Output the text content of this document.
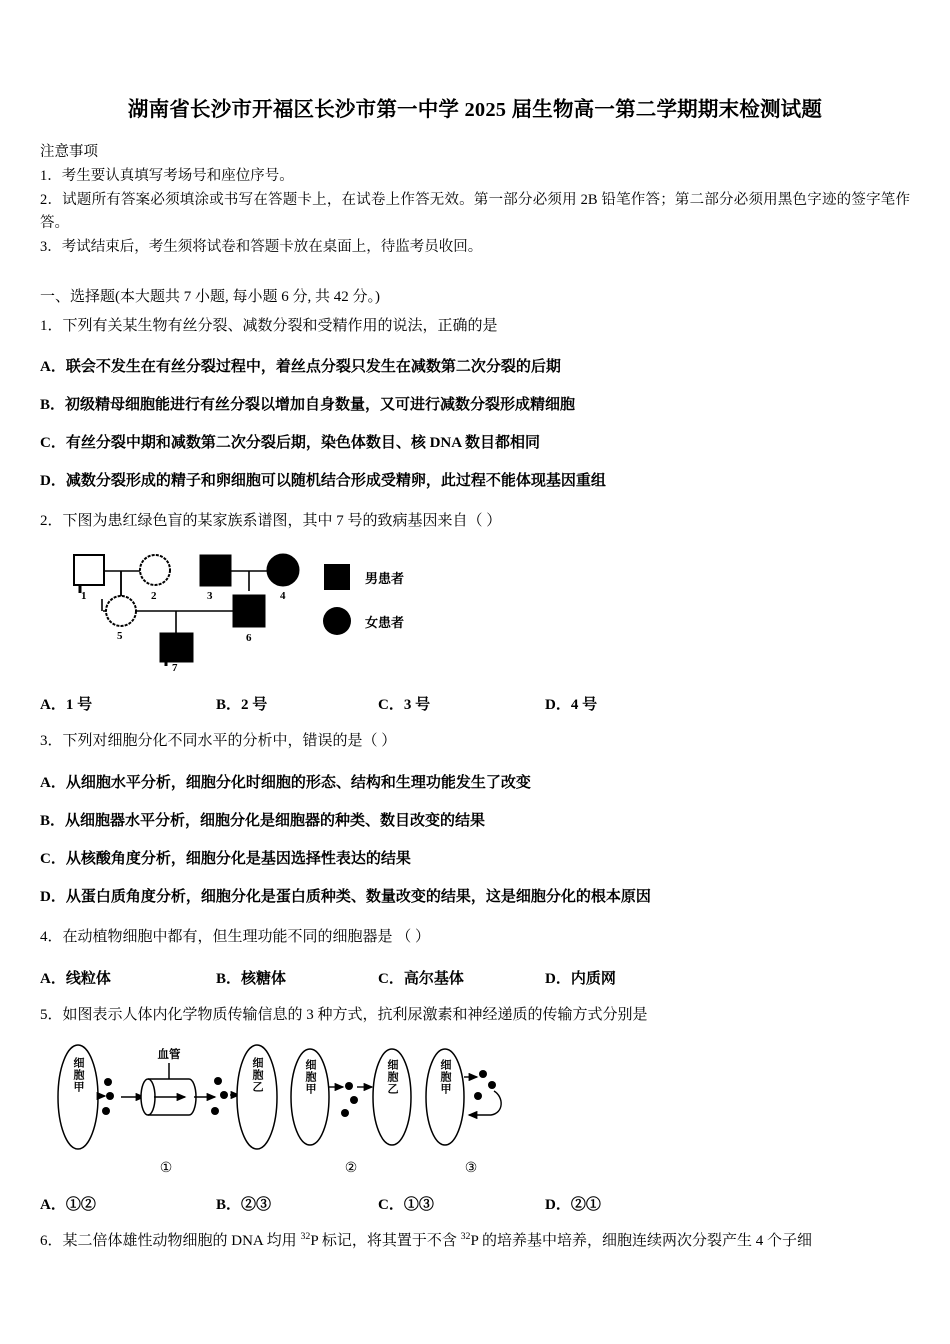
湖南省长沙市开福区长沙市第一中学 2025 届生物高一第二学期期末检测试题

注意事项

1．考生要认真填写考场号和座位序号。

2．试题所有答案必须填涂或书写在答题卡上，在试卷上作答无效。第一部分必须用 2B 铅笔作答；第二部分必须用黑色字迹的签字笔作答。

3．考试结束后，考生须将试卷和答题卡放在桌面上，待监考员收回。

一、选择题(本大题共 7 小题, 每小题 6 分, 共 42 分。)

1．下列有关某生物有丝分裂、减数分裂和受精作用的说法，正确的是

A．联会不发生在有丝分裂过程中，着丝点分裂只发生在减数第二次分裂的后期

B．初级精母细胞能进行有丝分裂以增加自身数量，又可进行减数分裂形成精细胞

C．有丝分裂中期和减数第二次分裂后期，染色体数目、核 DNA 数目都相同

D．减数分裂形成的精子和卵细胞可以随机结合形成受精卵，此过程不能体现基因重组

2．下图为患红绿色盲的某家族系谱图，其中 7 号的致病基因来自（ ）

1	2	3	4
5	6
7
男患者
女患者
A．1 号	B．2 号	C．3 号	D．4 号

3．下列对细胞分化不同水平的分析中，错误的是（ ）

A．从细胞水平分析，细胞分化时细胞的形态、结构和生理功能发生了改变

B．从细胞器水平分析，细胞分化是细胞器的种类、数目改变的结果

C．从核酸角度分析，细胞分化是基因选择性表达的结果

D．从蛋白质角度分析，细胞分化是蛋白质种类、数量改变的结果，这是细胞分化的根本原因

4．在动植物细胞中都有，但生理功能不同的细胞器是 （ ）

A．线粒体	B．核糖体	C．高尔基体	D．内质网

5．如图表示人体内化学物质传输信息的 3 种方式，抗利尿激素和神经递质的传输方式分别是

细胞甲
血管
细胞乙
①
细胞甲	细胞乙
②
细胞甲
③
A．①②	B．②③	C．①③	D．②①

6．某二倍体雄性动物细胞的 DNA 均用 $^{32}$P 标记，将其置于不含 $^{32}$P 的培养基中培养，细胞连续两次分裂产生 4 个子细
